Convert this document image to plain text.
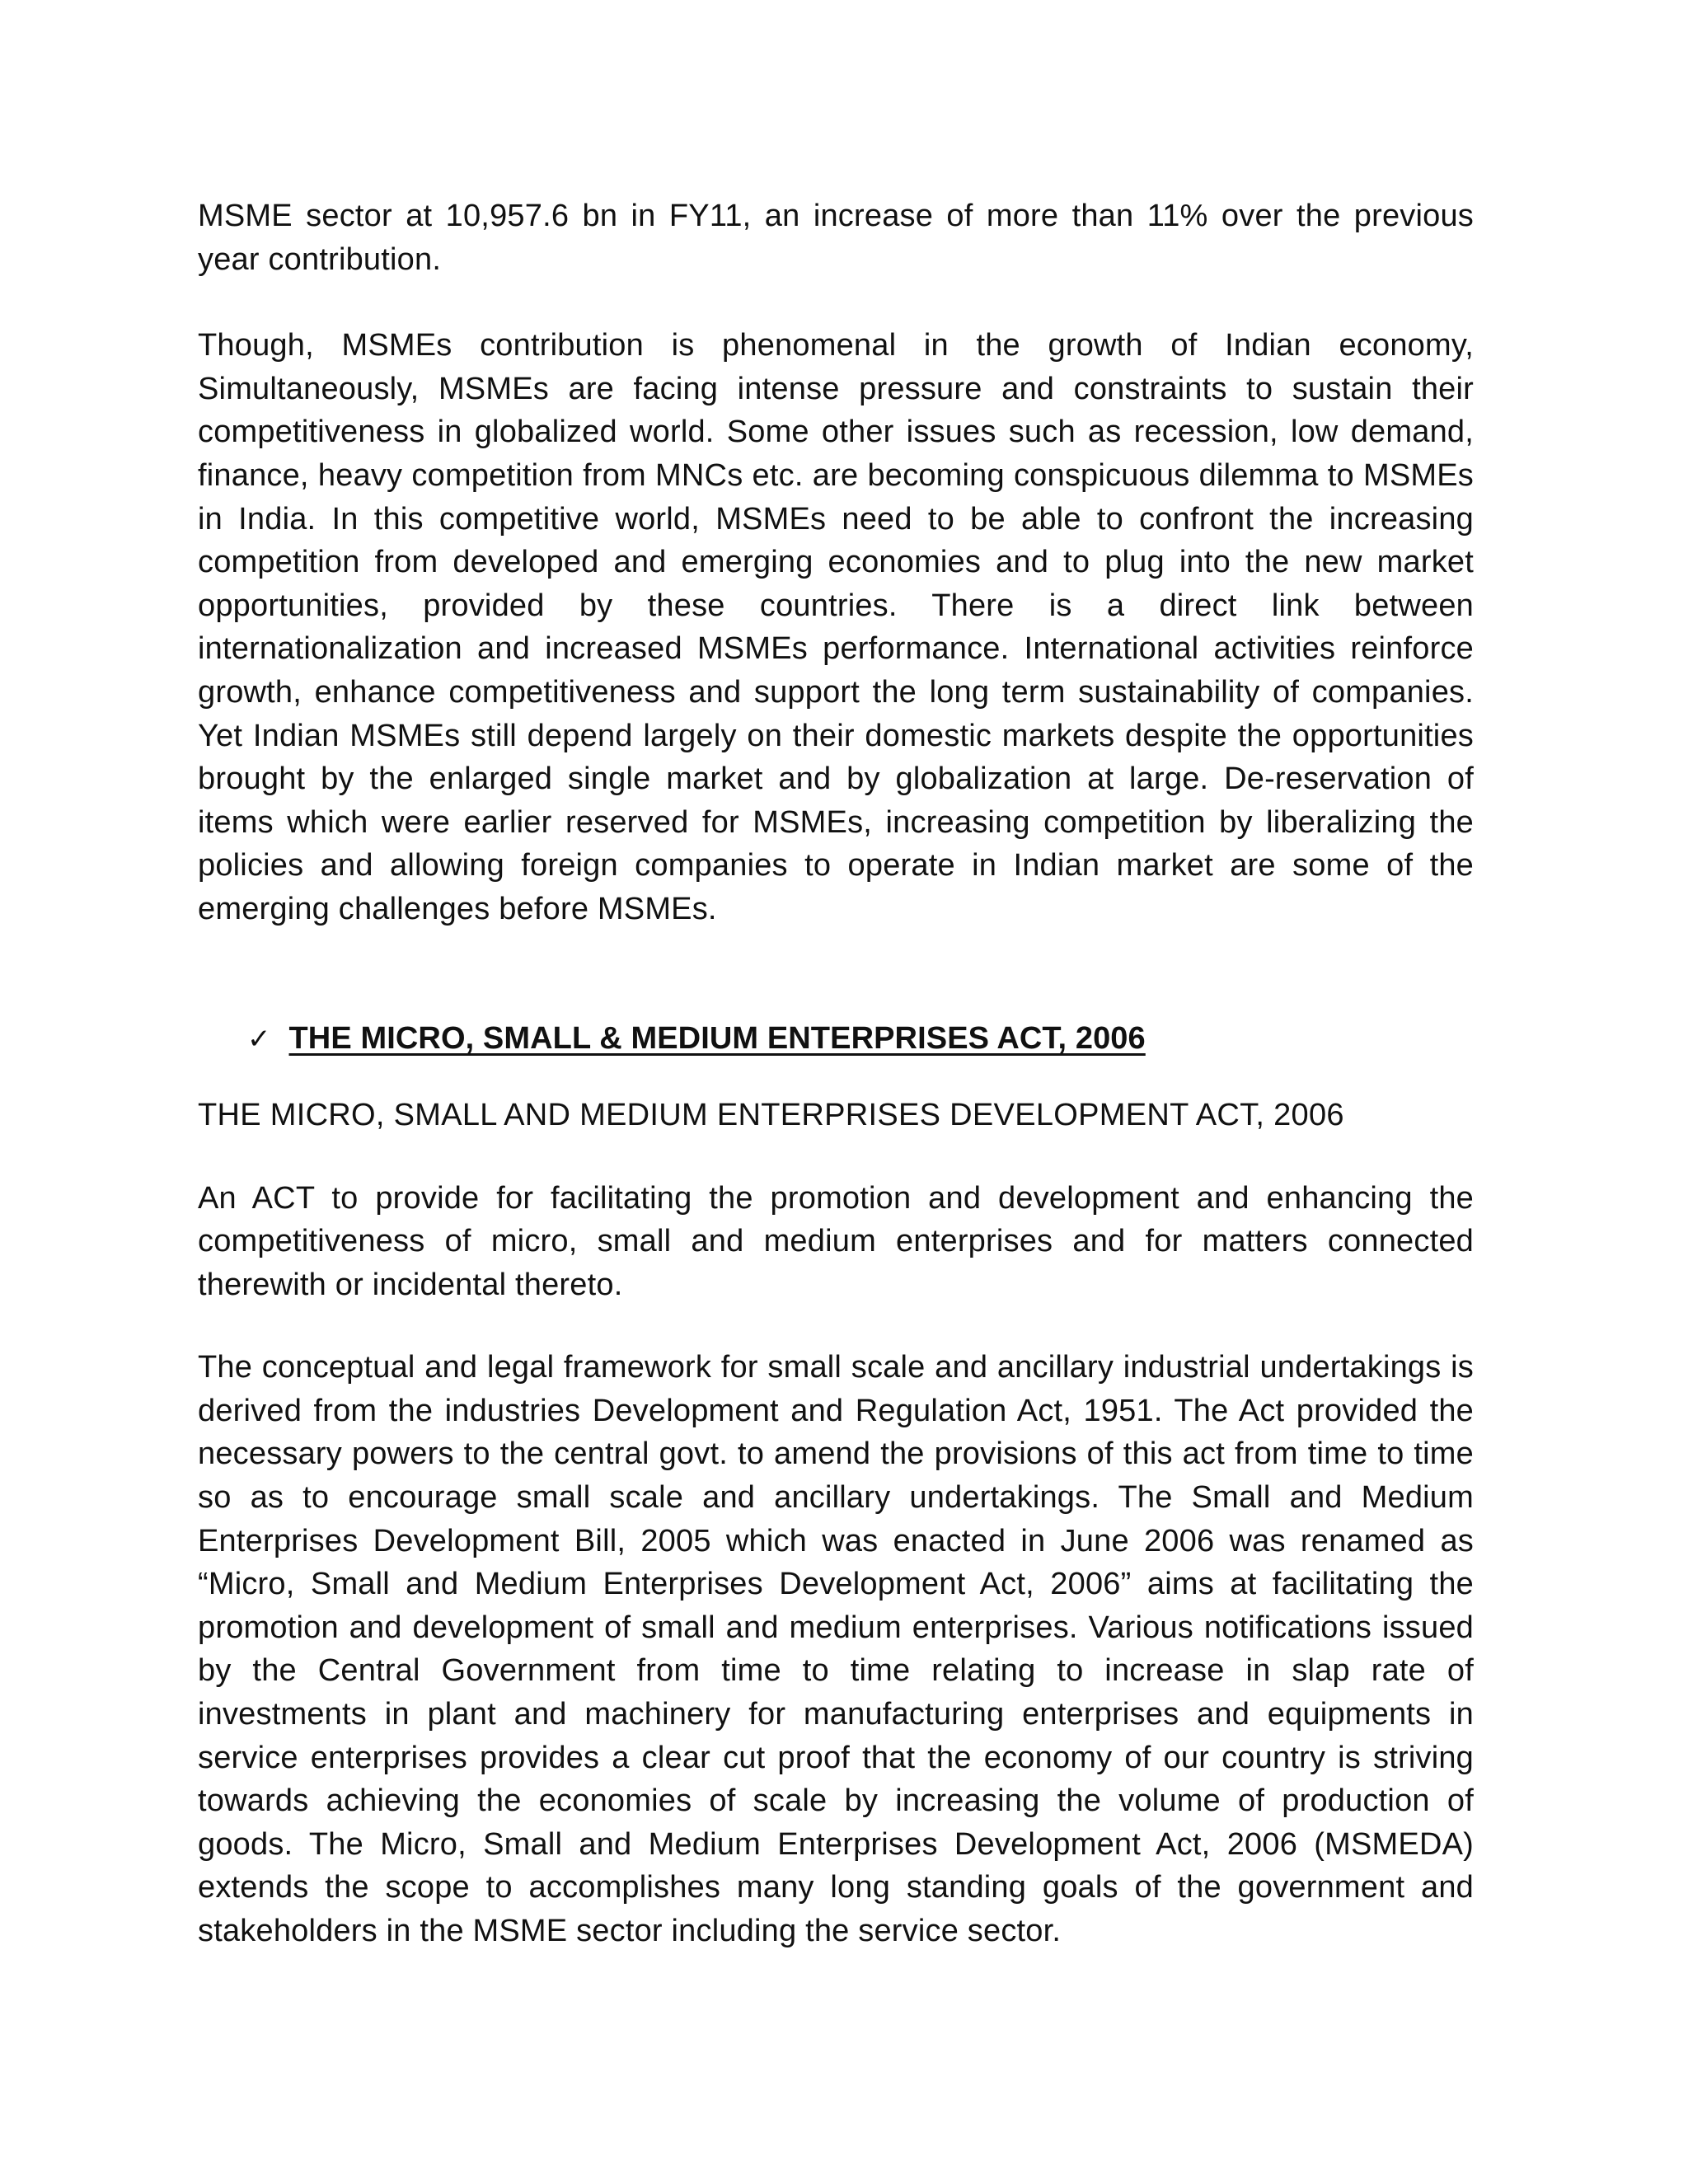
MSME sector at 10,957.6 bn in FY11, an increase of more than 11% over the previous year contribution.

Though, MSMEs contribution is phenomenal in the growth of Indian economy, Simultaneously, MSMEs are facing intense pressure and constraints to sustain their competitiveness in globalized world. Some other issues such as recession, low demand, finance, heavy competition from MNCs etc. are becoming conspicuous dilemma to MSMEs in India. In this competitive world, MSMEs need to be able to confront the increasing competition from developed and emerging economies and to plug into the new market opportunities, provided by these countries. There is a direct link between internationalization and increased MSMEs performance. International activities reinforce growth, enhance competitiveness and support the long term sustainability of companies. Yet Indian MSMEs still depend largely on their domestic markets despite the opportunities brought by the enlarged single market and by globalization at large. De-reservation of items which were earlier reserved for MSMEs, increasing competition by liberalizing the policies and allowing foreign companies to operate in Indian market are some of the emerging challenges before MSMEs.

✓ THE MICRO, SMALL & MEDIUM ENTERPRISES ACT, 2006
THE MICRO, SMALL AND MEDIUM ENTERPRISES DEVELOPMENT ACT, 2006

An ACT to provide for facilitating the promotion and development and enhancing the competitiveness of micro, small and medium enterprises and for matters connected therewith or incidental thereto.

The conceptual and legal framework for small scale and ancillary industrial undertakings is derived from the industries Development and Regulation Act, 1951. The Act provided the necessary powers to the central govt. to amend the provisions of this act from time to time so as to encourage small scale and ancillary undertakings. The Small and Medium Enterprises Development Bill, 2005 which was enacted in June 2006 was renamed as “Micro, Small and Medium Enterprises Development Act, 2006” aims at facilitating the promotion and development of small and medium enterprises. Various notifications issued by the Central Government from time to time relating to increase in slap rate of investments in plant and machinery for manufacturing enterprises and equipments in service enterprises provides a clear cut proof that the economy of our country is striving towards achieving the economies of scale by increasing the volume of production of goods. The Micro, Small and Medium Enterprises Development Act, 2006 (MSMEDA) extends the scope to accomplishes many long standing goals of the government and stakeholders in the MSME sector including the service sector.
